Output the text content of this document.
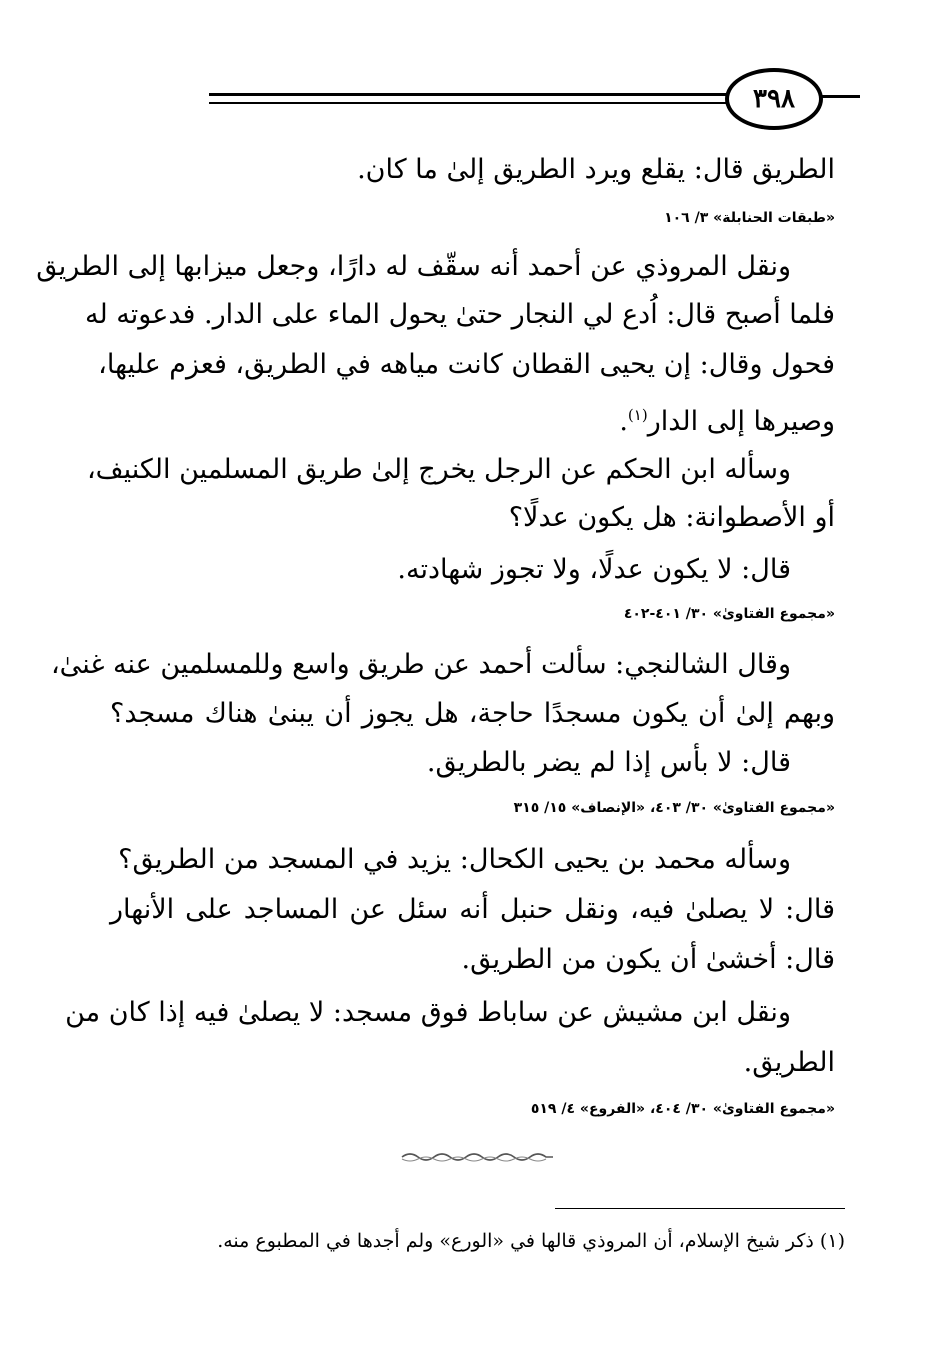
٣٩٨
الطريق قال: يقلع ويرد الطريق إلىٰ ما كان.
«طبقات الحنابلة» ٣/ ١٠٦
ونقل المروذي عن أحمد أنه سقّف له دارًا، وجعل ميزابها إلى الطريق
فلما أصبح قال: اُدع لي النجار حتىٰ يحول الماء على الدار. فدعوته له
فحول وقال: إن يحيى القطان كانت مياهه في الطريق، فعزم عليها،
وصيرها إلى الدار$^{(١)}$.
وسأله ابن الحكم عن الرجل يخرج إلىٰ طريق المسلمين الكنيف،
أو الأصطوانة: هل يكون عدلًا؟
قال: لا يكون عدلًا، ولا تجوز شهادته.
«مجموع الفتاوىٰ» ٣٠/ ٤٠١-٤٠٢
وقال الشالنجي: سألت أحمد عن طريق واسع وللمسلمين عنه غنىٰ،
وبهم إلىٰ أن يكون مسجدًا حاجة، هل يجوز أن يبنىٰ هناك مسجد؟
قال: لا بأس إذا لم يضر بالطريق.
«مجموع الفتاوىٰ» ٣٠/ ٤٠٣، «الإنصاف» ١٥/ ٣١٥
وسأله محمد بن يحيى الكحال: يزيد في المسجد من الطريق؟
قال: لا يصلىٰ فيه، ونقل حنبل أنه سئل عن المساجد على الأنهار
قال: أخشىٰ أن يكون من الطريق.
ونقل ابن مشيش عن ساباط فوق مسجد: لا يصلىٰ فيه إذا كان من
الطريق.
«مجموع الفتاوىٰ» ٣٠/ ٤٠٤، «الفروع» ٤/ ٥١٩
(١) ذكر شيخ الإسلام، أن المروذي قالها في «الورع» ولم أجدها في المطبوع منه.
